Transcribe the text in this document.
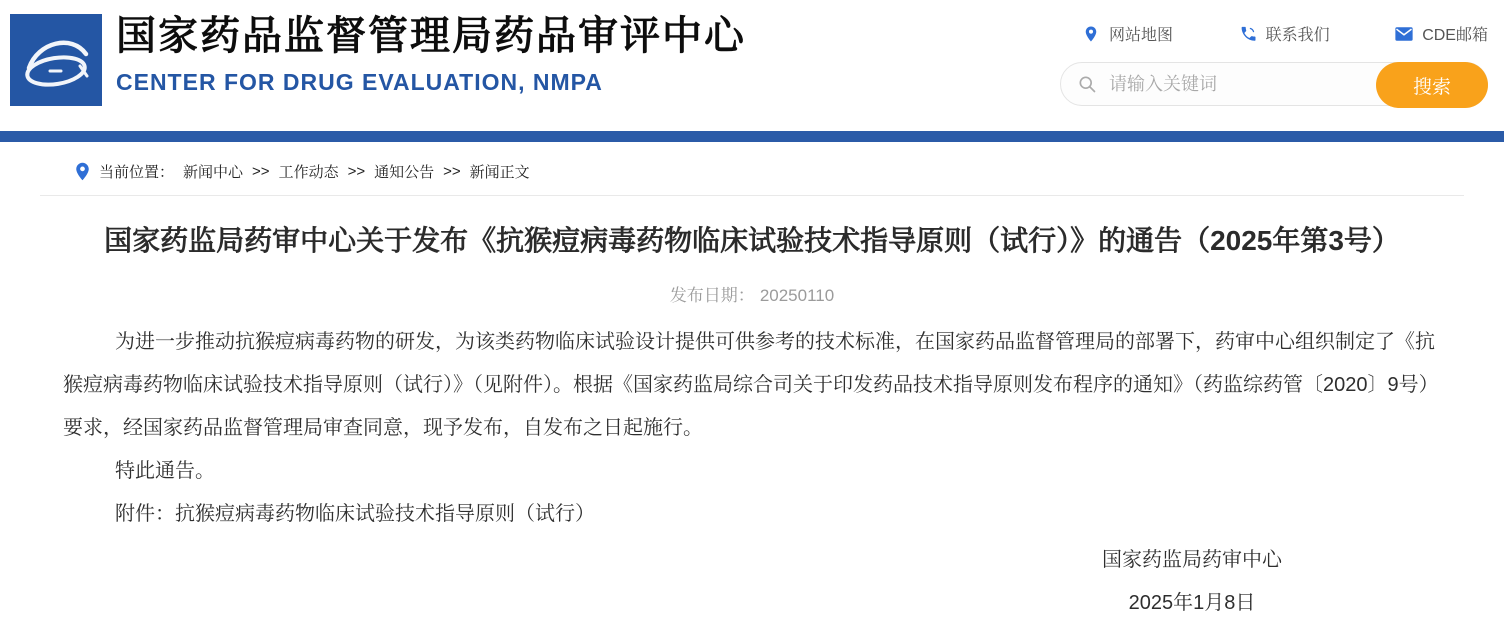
国家药品监督管理局药品审评中心
CENTER FOR DRUG EVALUATION, NMPA
网站地图	联系我们	CDE邮箱
请输入关键词
搜索
当前位置： 新闻中心 >> 工作动态 >> 通知公告 >> 新闻正文
国家药监局药审中心关于发布《抗猴痘病毒药物临床试验技术指导原则（试行）》的通告（2025年第3号）
发布日期： 20250110

为进一步推动抗猴痘病毒药物的研发，为该类药物临床试验设计提供可供参考的技术标准，在国家药品监督管理局的部署下，药审中心组织制定了《抗猴痘病毒药物临床试验技术指导原则（试行）》（见附件）。根据《国家药监局综合司关于印发药品技术指导原则发布程序的通知》（药监综药管〔2020〕9号）要求，经国家药品监督管理局审查同意，现予发布，自发布之日起施行。

特此通告。

附件：抗猴痘病毒药物临床试验技术指导原则（试行）
国家药监局药审中心
2025年1月8日
